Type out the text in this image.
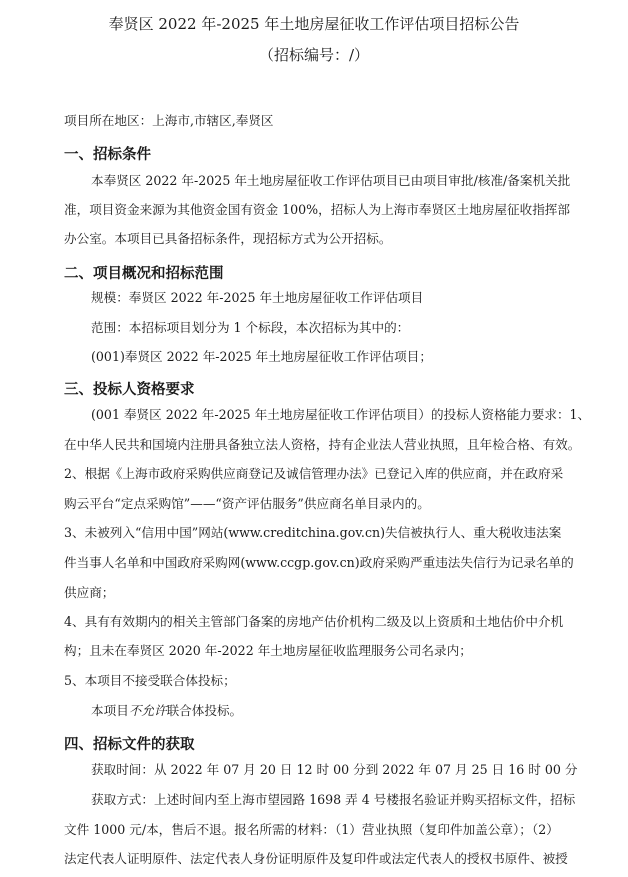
奉贤区 2022 年-2025 年土地房屋征收工作评估项目招标公告
（招标编号：/）
项目所在地区：上海市,市辖区,奉贤区
一、招标条件
本奉贤区 2022 年-2025 年土地房屋征收工作评估项目已由项目审批/核准/备案机关批
准，项目资金来源为其他资金国有资金 100%，招标人为上海市奉贤区土地房屋征收指挥部
办公室。本项目已具备招标条件，现招标方式为公开招标。
二、项目概况和招标范围
规模：奉贤区 2022 年-2025 年土地房屋征收工作评估项目
范围：本招标项目划分为 1 个标段，本次招标为其中的：
(001)奉贤区 2022 年-2025 年土地房屋征收工作评估项目；
三、投标人资格要求
(001 奉贤区 2022 年-2025 年土地房屋征收工作评估项目）的投标人资格能力要求：1、
在中华人民共和国境内注册具备独立法人资格，持有企业法人营业执照，且年检合格、有效。
2、根据《上海市政府采购供应商登记及诚信管理办法》已登记入库的供应商，并在政府采
购云平台“定点采购馆”——“资产评估服务”供应商名单目录内的。
3、未被列入“信用中国”网站(www.creditchina.gov.cn)失信被执行人、重大税收违法案
件当事人名单和中国政府采购网(www.ccgp.gov.cn)政府采购严重违法失信行为记录名单的
供应商；
4、具有有效期内的相关主管部门备案的房地产估价机构二级及以上资质和土地估价中介机
构；且未在奉贤区 2020 年-2022 年土地房屋征收监理服务公司名录内；
5、本项目不接受联合体投标；
本项目不允许联合体投标。
四、招标文件的获取
获取时间：从 2022 年 07 月 20 日 12 时 00 分到 2022 年 07 月 25 日 16 时 00 分
获取方式：上述时间内至上海市望园路 1698 弄 4 号楼报名验证并购买招标文件，招标
文件 1000 元/本，售后不退。报名所需的材料：（1）营业执照（复印件加盖公章）；（2）
法定代表人证明原件、法定代表人身份证明原件及复印件或法定代表人的授权书原件、被授
